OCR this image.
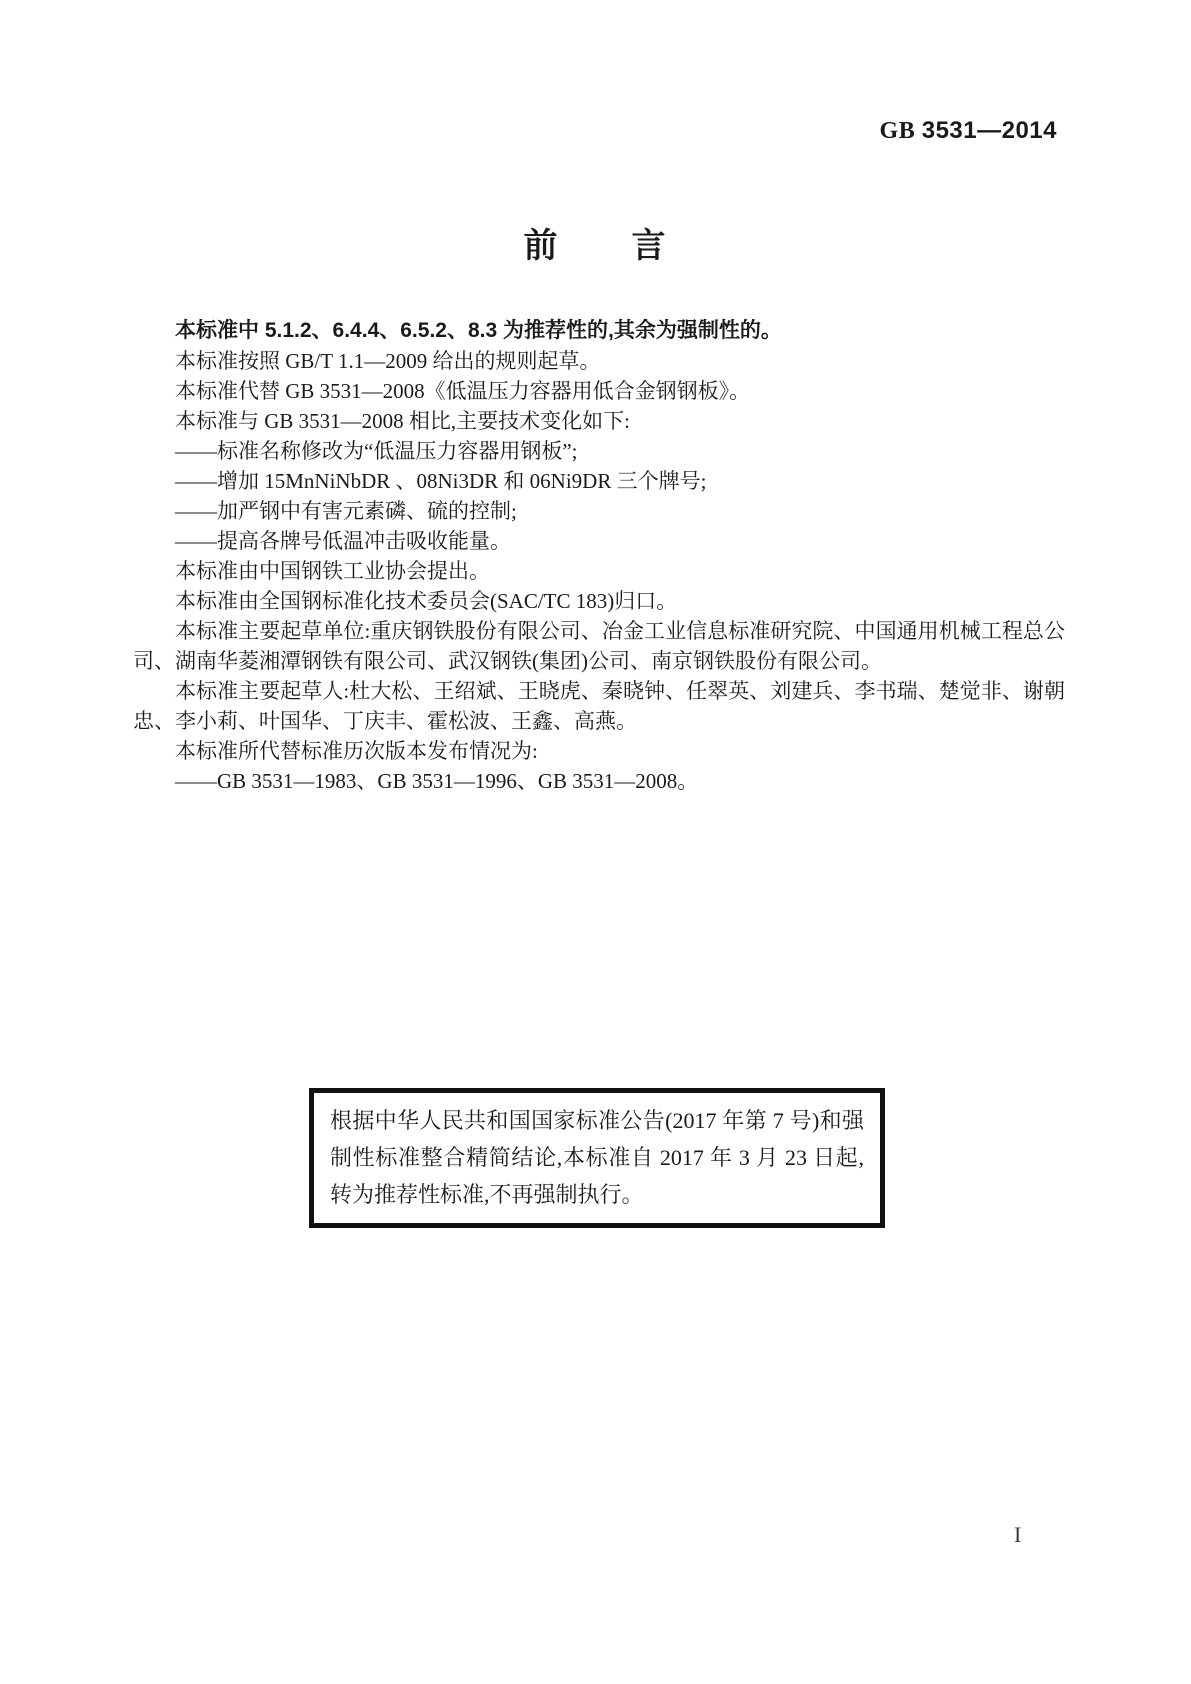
GB 3531—2014
前　　言

本标准中 5.1.2、6.4.4、6.5.2、8.3 为推荐性的,其余为强制性的。

本标准按照 GB/T 1.1—2009 给出的规则起草。

本标准代替 GB 3531—2008《低温压力容器用低合金钢钢板》。

本标准与 GB 3531—2008 相比,主要技术变化如下:

——标准名称修改为“低温压力容器用钢板”;

——增加 15MnNiNbDR 、08Ni3DR 和 06Ni9DR 三个牌号;

——加严钢中有害元素磷、硫的控制;

——提高各牌号低温冲击吸收能量。

本标准由中国钢铁工业协会提出。

本标准由全国钢标准化技术委员会(SAC/TC 183)归口。

本标准主要起草单位:重庆钢铁股份有限公司、冶金工业信息标准研究院、中国通用机械工程总公司、湖南华菱湘潭钢铁有限公司、武汉钢铁(集团)公司、南京钢铁股份有限公司。

本标准主要起草人:杜大松、王绍斌、王晓虎、秦晓钟、任翠英、刘建兵、李书瑞、楚觉非、谢朝忠、李小莉、叶国华、丁庆丰、霍松波、王鑫、高燕。

本标准所代替标准历次版本发布情况为:

——GB 3531—1983、GB 3531—1996、GB 3531—2008。

根据中华人民共和国国家标准公告(2017 年第 7 号)和强制性标准整合精简结论,本标准自 2017 年 3 月 23 日起,转为推荐性标准,不再强制执行。
I
